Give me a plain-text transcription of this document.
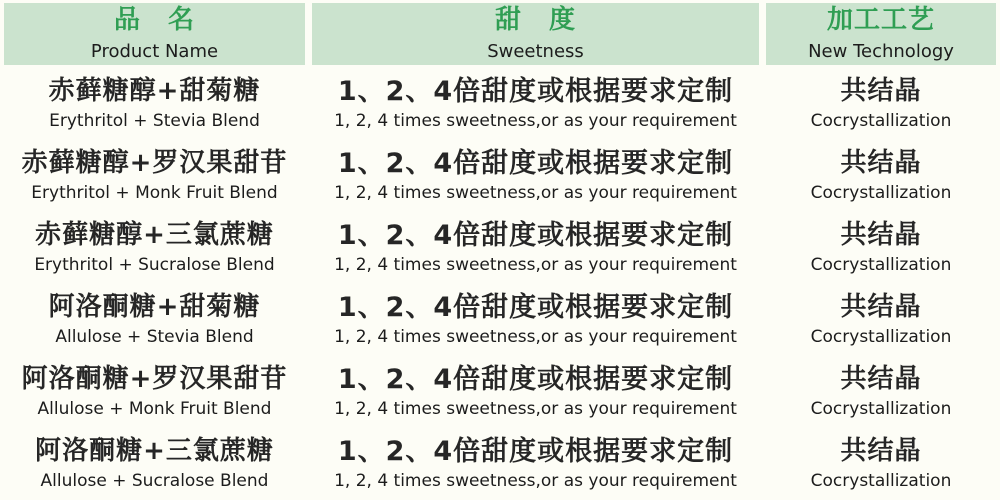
品　名
Product Name
甜　度
Sweetness
加工工艺
New Technology
赤藓糖醇+甜菊糖
Erythritol + Stevia Blend
1、2、4倍甜度或根据要求定制
1, 2, 4 times sweetness,or as your requirement
共结晶
Cocrystallization
赤藓糖醇+罗汉果甜苷
Erythritol + Monk Fruit Blend
1、2、4倍甜度或根据要求定制
1, 2, 4 times sweetness,or as your requirement
共结晶
Cocrystallization
赤藓糖醇+三氯蔗糖
Erythritol + Sucralose Blend
1、2、4倍甜度或根据要求定制
1, 2, 4 times sweetness,or as your requirement
共结晶
Cocrystallization
阿洛酮糖+甜菊糖
Allulose + Stevia Blend
1、2、4倍甜度或根据要求定制
1, 2, 4 times sweetness,or as your requirement
共结晶
Cocrystallization
阿洛酮糖+罗汉果甜苷
Allulose + Monk Fruit Blend
1、2、4倍甜度或根据要求定制
1, 2, 4 times sweetness,or as your requirement
共结晶
Cocrystallization
阿洛酮糖+三氯蔗糖
Allulose + Sucralose Blend
1、2、4倍甜度或根据要求定制
1, 2, 4 times sweetness,or as your requirement
共结晶
Cocrystallization
